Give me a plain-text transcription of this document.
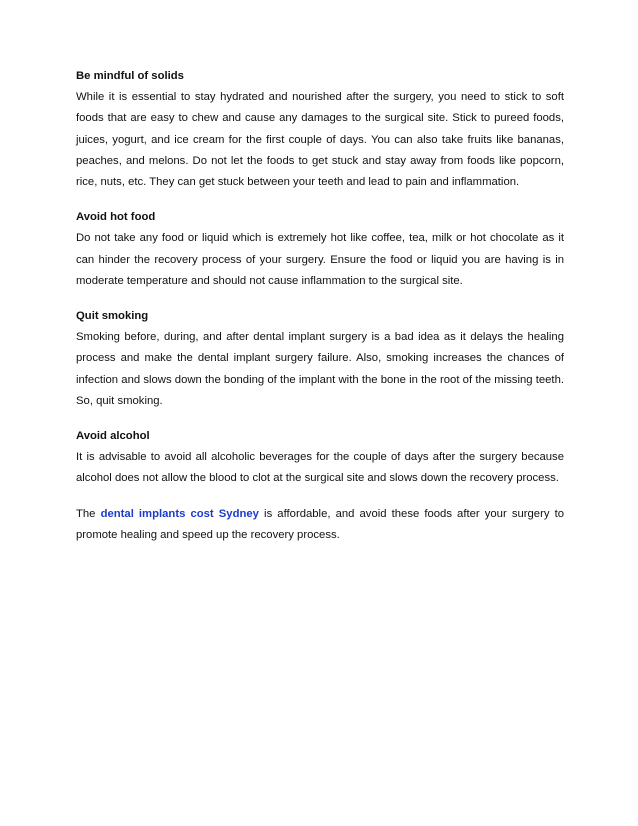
Be mindful of solids

While it is essential to stay hydrated and nourished after the surgery, you need to stick to soft foods that are easy to chew and cause any damages to the surgical site. Stick to pureed foods, juices, yogurt, and ice cream for the first couple of days. You can also take fruits like bananas, peaches, and melons. Do not let the foods to get stuck and stay away from foods like popcorn, rice, nuts, etc. They can get stuck between your teeth and lead to pain and inflammation.

Avoid hot food

Do not take any food or liquid which is extremely hot like coffee, tea, milk or hot chocolate as it can hinder the recovery process of your surgery. Ensure the food or liquid you are having is in moderate temperature and should not cause inflammation to the surgical site.

Quit smoking

Smoking before, during, and after dental implant surgery is a bad idea as it delays the healing process and make the dental implant surgery failure. Also, smoking increases the chances of infection and slows down the bonding of the implant with the bone in the root of the missing teeth. So, quit smoking.

Avoid alcohol

It is advisable to avoid all alcoholic beverages for the couple of days after the surgery because alcohol does not allow the blood to clot at the surgical site and slows down the recovery process.

The dental implants cost Sydney is affordable, and avoid these foods after your surgery to promote healing and speed up the recovery process.
